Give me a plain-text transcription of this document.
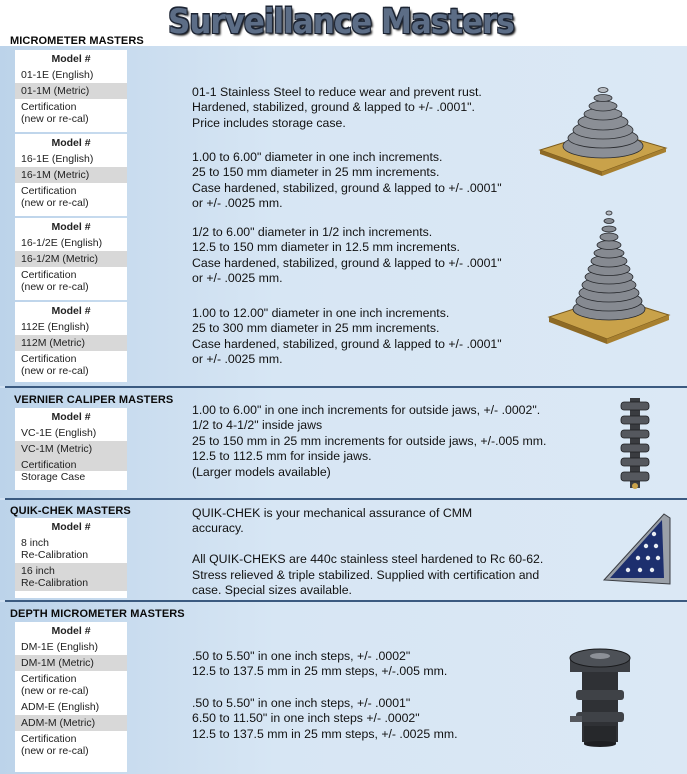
Surveillance Masters
MICROMETER MASTERS
Model #
01-1E (English)
01-1M (Metric)
Certification
(new or re-cal)
Model #
16-1E (English)
16-1M (Metric)
Certification
(new or re-cal)
Model #
16-1/2E (English)
16-1/2M (Metric)
Certification
(new or re-cal)
Model #
112E (English)
112M (Metric)
Certification
(new or re-cal)
01-1 Stainless Steel to reduce wear and prevent rust.
Hardened, stabilized, ground & lapped to +/- .0001".
Price includes storage case.
1.00 to 6.00" diameter in one inch increments.
25 to 150 mm diameter in 25 mm increments.
Case hardened, stabilized, ground & lapped to +/- .0001"
or +/- .0025 mm.
1/2 to 6.00" diameter in 1/2 inch increments.
12.5 to 150 mm diameter in 12.5 mm increments.
Case hardened, stabilized, ground & lapped to +/- .0001"
or +/- .0025 mm.
1.00 to 12.00" diameter in one inch increments.
25 to 300 mm diameter in 25 mm increments.
Case hardened, stabilized, ground & lapped to +/- .0001"
or +/- .0025 mm.
VERNIER CALIPER MASTERS
Model #
VC-1E (English)
VC-1M (Metric)
Certification
Storage Case
1.00 to 6.00" in one inch increments for outside jaws, +/- .0002".
1/2 to 4-1/2" inside jaws
25 to 150 mm in 25 mm increments for outside jaws, +/-.005 mm.
12.5 to 112.5 mm for inside jaws.
(Larger models available)
QUIK-CHEK MASTERS
Model #
8 inch
Re-Calibration
16 inch
Re-Calibration
QUIK-CHEK is your mechanical assurance of CMM
accuracy.

All QUIK-CHEKS are 440c stainless steel hardened to Rc 60-62.
Stress relieved & triple stabilized. Supplied with certification and
case. Special sizes available.
DEPTH MICROMETER MASTERS
Model #
DM-1E (English)
DM-1M (Metric)
Certification
(new or re-cal)
ADM-E (English)
ADM-M (Metric)
Certification
(new or re-cal)
.50 to 5.50" in one inch steps, +/- .0002"
12.5 to 137.5 mm in 25 mm steps, +/-.005 mm.
.50 to 5.50" in one inch steps, +/- .0001"
6.50 to 11.50" in one inch steps +/- .0002"
12.5 to 137.5 mm in 25 mm steps, +/- .0025 mm.
